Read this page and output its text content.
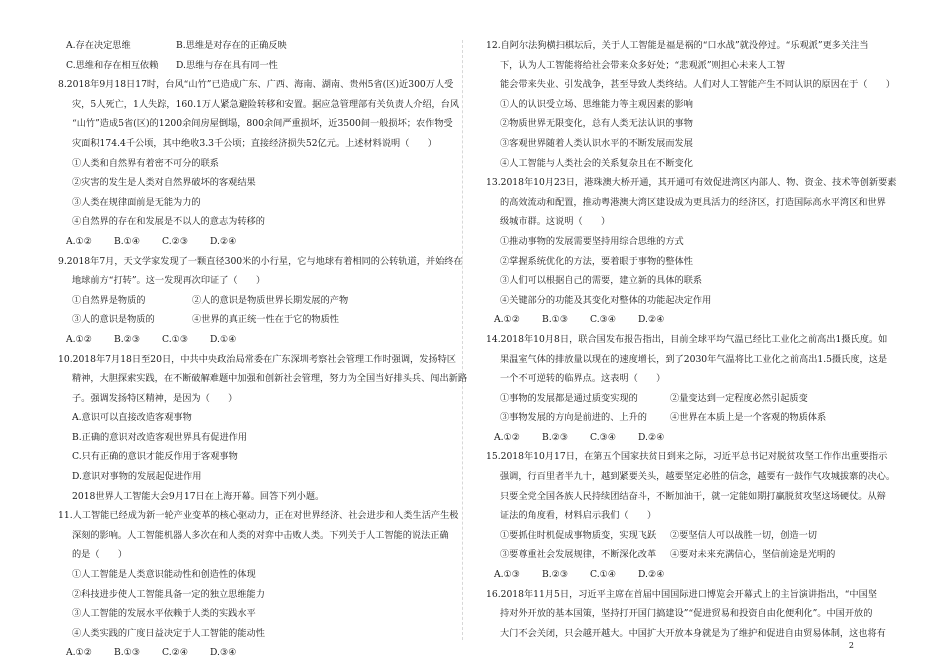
A.存在决定思维	B.思维是对存在的正确反映
C.思维和存在相互依赖 D.思维与存在具有同一性
8.2018年9月18日17时，台风“山竹”已造成广东、广西、海南、湖南、贵州5省(区)近300万人受
灾，5人死亡，1人失踪，160.1万人紧急避险转移和安置。据应急管理部有关负责人介绍，台风
“山竹”造成5省(区)的1200余间房屋倒塌，800余间严重损坏，近3500间一般损坏；农作物受
灾面积174.4千公顷，其中绝收3.3千公顷；直接经济损失52亿元。上述材料说明（　　）
①人类和自然界有着密不可分的联系
②灾害的发生是人类对自然界破坏的客观结果
③人类在规律面前是无能为力的
④自然界的存在和发展是不以人的意志为转移的
A.①② B.①④ C.②③ D.②④
9.2018年7月，天文学家发现了一颗直径300米的小行星，它与地球有着相同的公转轨道，并始终在
地球前方“打转”。这一发现再次印证了（　　）
①自然界是物质的	②人的意识是物质世界长期发展的产物
③人的意识是物质的	④世界的真正统一性在于它的物质性
A.①② B.②③ C.①③ D.①④
10.2018年7月18日至20日，中共中央政治局常委在广东深圳考察社会管理工作时强调，发扬特区
精神，大胆探索实践，在不断破解难题中加强和创新社会管理，努力为全国当好排头兵、闯出新路
子。强调发扬特区精神，是因为（　　）
A.意识可以直接改造客观事物
B.正确的意识对改造客观世界具有促进作用
C.只有正确的意识才能反作用于客观事物
D.意识对事物的发展起促进作用
2018世界人工智能大会9月17日在上海开幕。回答下列小题。
11.人工智能已经成为新一轮产业变革的核心驱动力，正在对世界经济、社会进步和人类生活产生极
深刻的影响。人工智能机器人多次在和人类的对弈中击败人类。下列关于人工智能的说法正确
的是（　　）
①人工智能是人类意识能动性和创造性的体现
②科技进步使人工智能具备一定的独立思维能力
③人工智能的发展水平依赖于人类的实践水平
④人类实践的广度日益决定于人工智能的能动性
A.①② B.①③ C.②④ D.③④
12.自阿尔法狗横扫棋坛后，关于人工智能是福是祸的“口水战”就没停过。“乐观派”更多关注当
下，认为人工智能将给社会带来众多好处；“悲观派”则担心未来人工智
能会带来失业、引发战争，甚至导致人类终结。人们对人工智能产生不同认识的原因在于（　　）
①人的认识受立场、思维能力等主观因素的影响
②物质世界无限变化，总有人类无法认识的事物
③客观世界随着人类认识水平的不断发展而发展
④人工智能与人类社会的关系复杂且在不断变化
13.2018年10月23日，港珠澳大桥开通，其开通可有效促进湾区内部人、物、资金、技术等创新要素
的高效流动和配置，推动粤港澳大湾区建设成为更具活力的经济区，打造国际高水平湾区和世界
级城市群。这说明（　　）
①推动事物的发展需要坚持用综合思维的方式
②掌握系统优化的方法，要着眼于事物的整体性
③人们可以根据自己的需要，建立新的具体的联系
④关键部分的功能及其变化对整体的功能起决定作用
A.①② B.①③ C.③④ D.②④
14.2018年10月8日，联合国发布报告指出，目前全球平均气温已经比工业化之前高出1摄氏度。如
果温室气体的排放量以现在的速度增长，到了2030年气温将比工业化之前高出1.5摄氏度，这是
一个不可逆转的临界点。这表明（　　）
①事物的发展都是通过质变实现的	②量变达到一定程度必然引起质变
③事物发展的方向是前进的、上升的	④世界在本质上是一个客观的物质体系
A.①② B.②③ C.③④ D.②④
15.2018年10月17日，在第五个国家扶贫日到来之际，习近平总书记对脱贫攻坚工作作出重要指示
强调，行百里者半九十，越到紧要关头，越要坚定必胜的信念，越要有一鼓作气攻城拔寨的决心。
只要全党全国各族人民持续团结奋斗，不断加油干，就一定能如期打赢脱贫攻坚这场硬仗。从辩
证法的角度看，材料启示我们（　　）
①要抓住时机促成事物质变，实现飞跃 ②要坚信人可以战胜一切，创造一切
③要尊重社会发展规律，不断深化改革 ④要对未来充满信心，坚信前途是光明的
A.①③ B.②③ C.①④ D.②④
16.2018年11月5日，习近平主席在首届中国国际进口博览会开幕式上的主旨演讲指出，“中国坚
持对外开放的基本国策，坚持打开国门搞建设”“促进贸易和投资自由化便利化”。中国开放的
大门不会关闭，只会越开越大。中国扩大开放本身就是为了维护和促进自由贸易体制，这也将有
2
